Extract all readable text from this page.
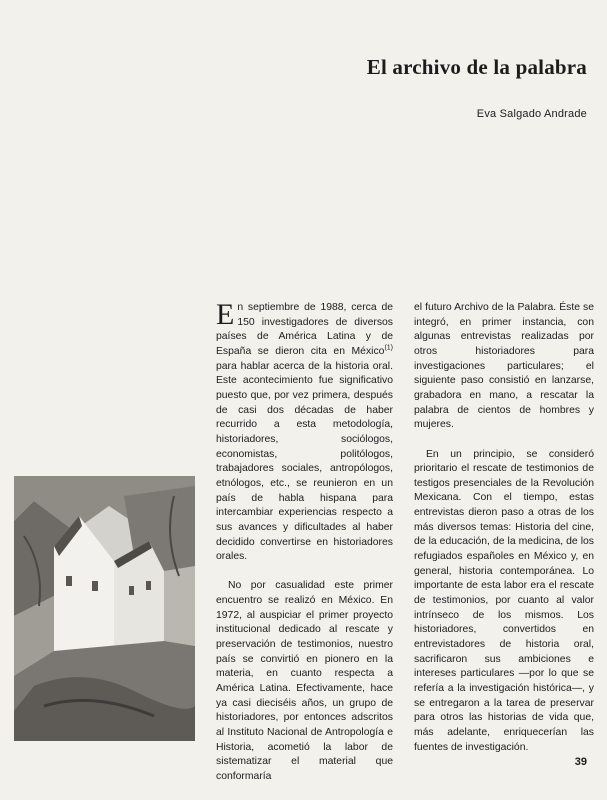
El archivo de la palabra
Eva Salgado Andrade

En septiembre de 1988, cerca de 150 investigadores de diversos países de América Latina y de España se dieron cita en México$^{(1)}$ para hablar acerca de la historia oral. Este acontecimiento fue significativo puesto que, por vez primera, después de casi dos décadas de haber recurrido a esta metodología, historiadores, sociólogos, economistas, politólogos, trabajadores sociales, antropólogos, etnólogos, etc., se reunieron en un país de habla hispana para intercambiar experiencias respecto a sus avances y dificultades al haber decidido convertirse en historiadores orales.

No por casualidad este primer encuentro se realizó en México. En 1972, al auspiciar el primer proyecto institucional dedicado al rescate y preservación de testimonios, nuestro país se convirtió en pionero en la materia, en cuanto respecta a América Latina. Efectivamente, hace ya casi dieciséis años, un grupo de historiadores, por entonces adscritos al Instituto Nacional de Antropología e Historia, acometió la labor de sistematizar el material que conformaría

el futuro Archivo de la Palabra. Éste se integró, en primer instancia, con algunas entrevistas realizadas por otros historiadores para investigaciones particulares; el siguiente paso consistió en lanzarse, grabadora en mano, a rescatar la palabra de cientos de hombres y mujeres.

En un principio, se consideró prioritario el rescate de testimonios de testigos presenciales de la Revolución Mexicana. Con el tiempo, estas entrevistas dieron paso a otras de los más diversos temas: Historia del cine, de la educación, de la medicina, de los refugiados españoles en México y, en general, historia contemporánea. Lo importante de esta labor era el rescate de testimonios, por cuanto al valor intrínseco de los mismos. Los historiadores, convertidos en entrevistadores de historia oral, sacrificaron sus ambiciones e intereses particulares —por lo que se refería a la investigación histórica—, y se entregaron a la tarea de preservar para otros las historias de vida que, más adelante, enriquecerían las fuentes de investigación.

39
